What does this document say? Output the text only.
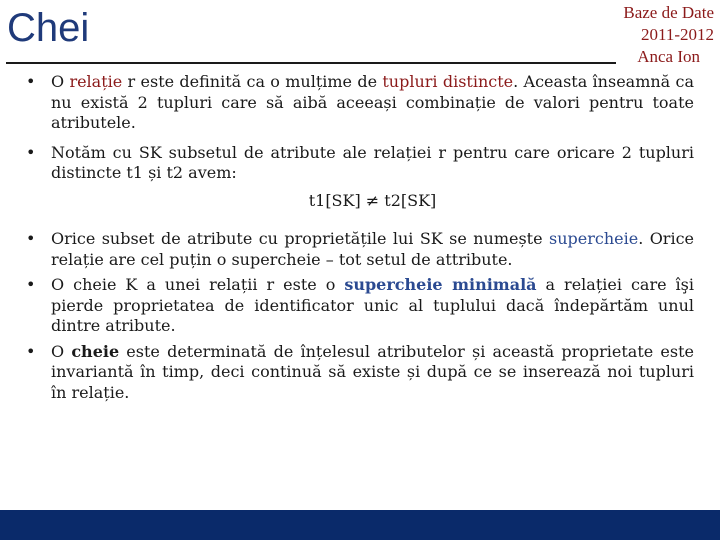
Chei	Baze de Date
2011-2012
Anca Ion
• O relație r este definită ca o mulțime de tupluri distincte. Aceasta înseamnă ca nu există 2 tupluri care să aibă aceeași combinație de valori pentru toate atributele.
• Notăm cu SK subsetul de atribute ale relației r pentru care oricare 2 tupluri distincte t1 și t2 avem:
t1[SK] ≠ t2[SK]
• Orice subset de atribute cu proprietățile lui SK se numește supercheie. Orice relație are cel puțin o supercheie – tot setul de attribute.
• O cheie K a unei relații r este o supercheie minimală a relației care îşi pierde proprietatea de identificator unic al tuplului dacă îndepărtăm unul dintre atribute.
• O cheie este determinată de înțelesul atributelor și această proprietate este invariantă în timp, deci continuă să existe și după ce se inserează noi tupluri în relație.
